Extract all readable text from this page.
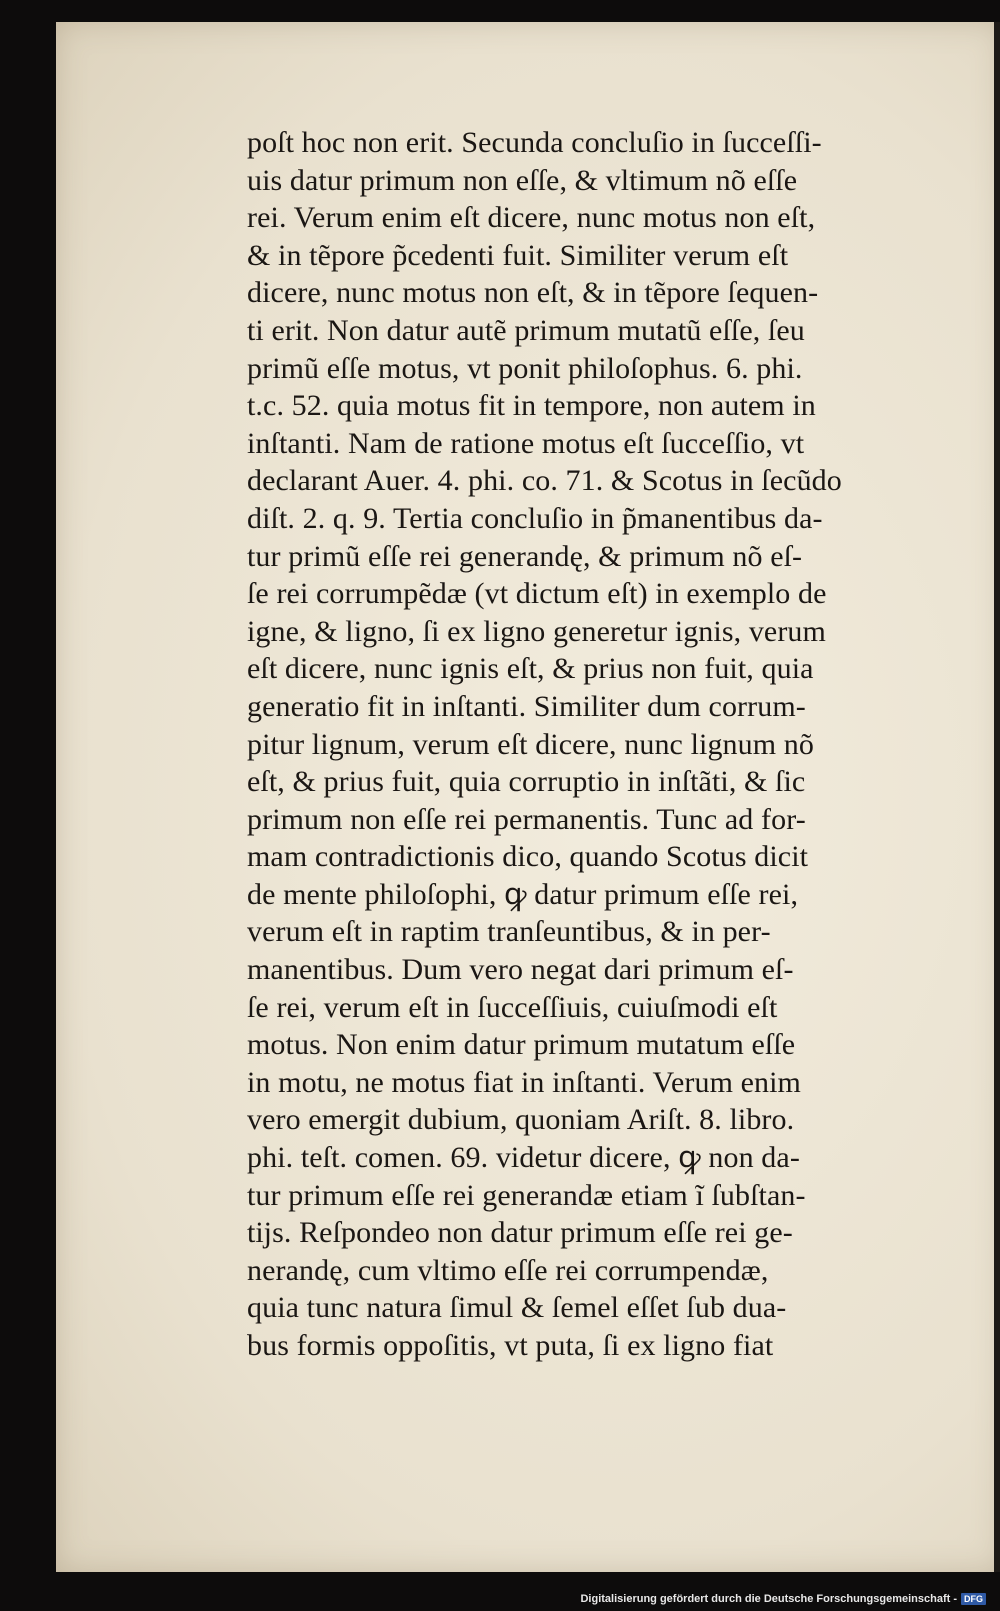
poſt hoc non erit. Secunda concluſio in ſucceſſi-
uis datur primum non eſſe, & vltimum nõ eſſe
rei. Verum enim eſt dicere, nunc motus non eſt,
& in tẽpore p̃cedenti fuit. Similiter verum eſt
dicere, nunc motus non eſt, & in tẽpore ſequen-
ti erit. Non datur autẽ primum mutatũ eſſe, ſeu
primũ eſſe motus, vt ponit philoſophus. 6. phi.
t.c. 52. quia motus fit in tempore, non autem in
inſtanti. Nam de ratione motus eſt ſucceſſio, vt
declarant Auer. 4. phi. co. 71. & Scotus in ſecũdo
diſt. 2. q. 9. Tertia concluſio in p̃manentibus da-
tur primũ eſſe rei generandę, & primum nõ eſ-
ſe rei corrumpẽdæ (vt dictum eſt) in exemplo de
igne, & ligno, ſi ex ligno generetur ignis, verum
eſt dicere, nunc ignis eſt, & prius non fuit, quia
generatio fit in inſtanti. Similiter dum corrum-
pitur lignum, verum eſt dicere, nunc lignum nõ
eſt, & prius fuit, quia corruptio in inſtãti, & ſic
primum non eſſe rei permanentis. Tunc ad for-
mam contradictionis dico, quando Scotus dicit
de mente philoſophi, ꝙ datur primum eſſe rei,
verum eſt in raptim tranſeuntibus, & in per-
manentibus. Dum vero negat dari primum eſ-
ſe rei, verum eſt in ſucceſſiuis, cuiuſmodi eſt
motus. Non enim datur primum mutatum eſſe
in motu, ne motus fiat in inſtanti. Verum enim
vero emergit dubium, quoniam Ariſt. 8. libro.
phi. teſt. comen. 69. videtur dicere, ꝙ non da-
tur primum eſſe rei generandæ etiam ĩ ſubſtan-
tĳs. Reſpondeo non datur primum eſſe rei ge-
nerandę, cum vltimo eſſe rei corrumpendæ,
quia tunc natura ſimul & ſemel eſſet ſub dua-
bus formis oppoſitis, vt puta, ſi ex ligno fiat
Digitalisierung gefördert durch die Deutsche Forschungsgemeinschaft - DFG
